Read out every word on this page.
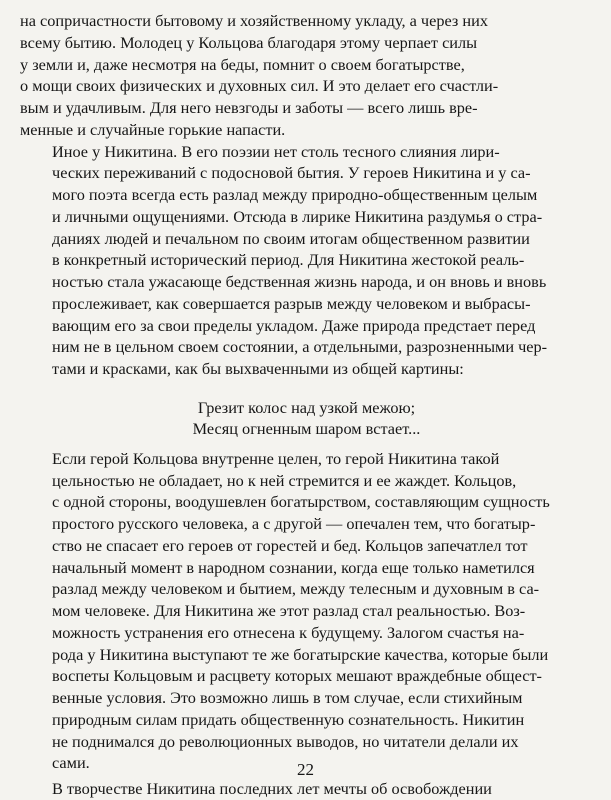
на сопричастности бытовому и хозяйственному укладу, а через них
всему бытию. Молодец у Кольцова благодаря этому черпает силы
у земли и, даже несмотря на беды, помнит о своем богатырстве,
о мощи своих физических и духовных сил. И это делает его счастли-
вым и удачливым. Для него невзгоды и заботы — всего лишь вре-
менные и случайные горькие напасти.

Иное у Никитина. В его поэзии нет столь тесного слияния лири-
ческих переживаний с подосновой бытия. У героев Никитина и у са-
мого поэта всегда есть разлад между природно-общественным целым
и личными ощущениями. Отсюда в лирике Никитина раздумья о стра-
даниях людей и печальном по своим итогам общественном развитии
в конкретный исторический период. Для Никитина жестокой реаль-
ностью стала ужасающе бедственная жизнь народа, и он вновь и вновь
прослеживает, как совершается разрыв между человеком и выбрасы-
вающим его за свои пределы укладом. Даже природа предстает перед
ним не в цельном своем состоянии, а отдельными, разрозненными чер-
тами и красками, как бы выхваченными из общей картины:

Грезит колос над узкой межою;
Месяц огненным шаром встает...

Если герой Кольцова внутренне целен, то герой Никитина такой
цельностью не обладает, но к ней стремится и ее жаждет. Кольцов,
с одной стороны, воодушевлен богатырством, составляющим сущность
простого русского человека, а с другой — опечален тем, что богатыр-
ство не спасает его героев от горестей и бед. Кольцов запечатлел тот
начальный момент в народном сознании, когда еще только наметился
разлад между человеком и бытием, между телесным и духовным в са-
мом человеке. Для Никитина же этот разлад стал реальностью. Воз-
можность устранения его отнесена к будущему. Залогом счастья на-
рода у Никитина выступают те же богатырские качества, которые были
воспеты Кольцовым и расцвету которых мешают враждебные общест-
венные условия. Это возможно лишь в том случае, если стихийным
природным силам придать общественную сознательность. Никитин
не поднимался до революционных выводов, но читатели делали их
сами.

В творчестве Никитина последних лет мечты об освобождении

22
